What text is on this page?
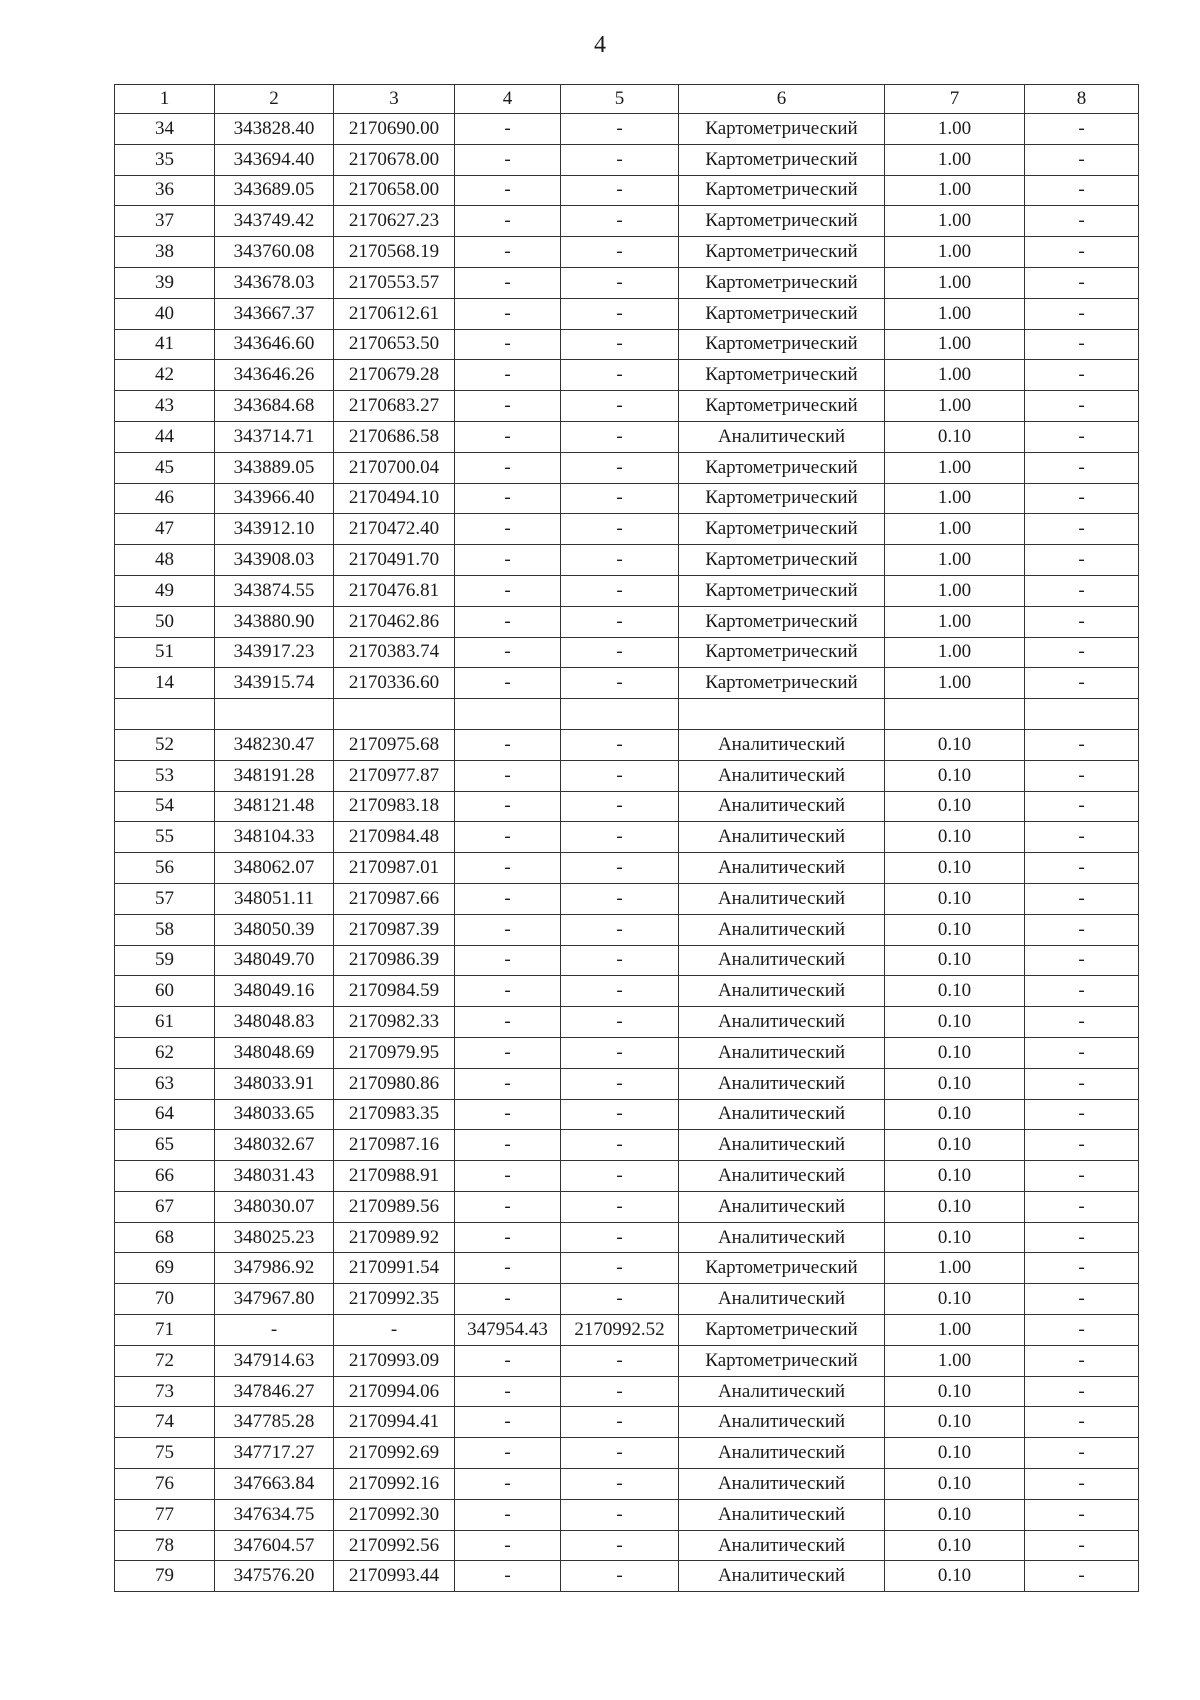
4
1	2	3	4	5	6	7	8
34	343828.40	2170690.00	-	-	Картометрический	1.00	-
35	343694.40	2170678.00	-	-	Картометрический	1.00	-
36	343689.05	2170658.00	-	-	Картометрический	1.00	-
37	343749.42	2170627.23	-	-	Картометрический	1.00	-
38	343760.08	2170568.19	-	-	Картометрический	1.00	-
39	343678.03	2170553.57	-	-	Картометрический	1.00	-
40	343667.37	2170612.61	-	-	Картометрический	1.00	-
41	343646.60	2170653.50	-	-	Картометрический	1.00	-
42	343646.26	2170679.28	-	-	Картометрический	1.00	-
43	343684.68	2170683.27	-	-	Картометрический	1.00	-
44	343714.71	2170686.58	-	-	Аналитический	0.10	-
45	343889.05	2170700.04	-	-	Картометрический	1.00	-
46	343966.40	2170494.10	-	-	Картометрический	1.00	-
47	343912.10	2170472.40	-	-	Картометрический	1.00	-
48	343908.03	2170491.70	-	-	Картометрический	1.00	-
49	343874.55	2170476.81	-	-	Картометрический	1.00	-
50	343880.90	2170462.86	-	-	Картометрический	1.00	-
51	343917.23	2170383.74	-	-	Картометрический	1.00	-
14	343915.74	2170336.60	-	-	Картометрический	1.00	-

52	348230.47	2170975.68	-	-	Аналитический	0.10	-
53	348191.28	2170977.87	-	-	Аналитический	0.10	-
54	348121.48	2170983.18	-	-	Аналитический	0.10	-
55	348104.33	2170984.48	-	-	Аналитический	0.10	-
56	348062.07	2170987.01	-	-	Аналитический	0.10	-
57	348051.11	2170987.66	-	-	Аналитический	0.10	-
58	348050.39	2170987.39	-	-	Аналитический	0.10	-
59	348049.70	2170986.39	-	-	Аналитический	0.10	-
60	348049.16	2170984.59	-	-	Аналитический	0.10	-
61	348048.83	2170982.33	-	-	Аналитический	0.10	-
62	348048.69	2170979.95	-	-	Аналитический	0.10	-
63	348033.91	2170980.86	-	-	Аналитический	0.10	-
64	348033.65	2170983.35	-	-	Аналитический	0.10	-
65	348032.67	2170987.16	-	-	Аналитический	0.10	-
66	348031.43	2170988.91	-	-	Аналитический	0.10	-
67	348030.07	2170989.56	-	-	Аналитический	0.10	-
68	348025.23	2170989.92	-	-	Аналитический	0.10	-
69	347986.92	2170991.54	-	-	Картометрический	1.00	-
70	347967.80	2170992.35	-	-	Аналитический	0.10	-
71	-	-	347954.43	2170992.52	Картометрический	1.00	-
72	347914.63	2170993.09	-	-	Картометрический	1.00	-
73	347846.27	2170994.06	-	-	Аналитический	0.10	-
74	347785.28	2170994.41	-	-	Аналитический	0.10	-
75	347717.27	2170992.69	-	-	Аналитический	0.10	-
76	347663.84	2170992.16	-	-	Аналитический	0.10	-
77	347634.75	2170992.30	-	-	Аналитический	0.10	-
78	347604.57	2170992.56	-	-	Аналитический	0.10	-
79	347576.20	2170993.44	-	-	Аналитический	0.10	-
